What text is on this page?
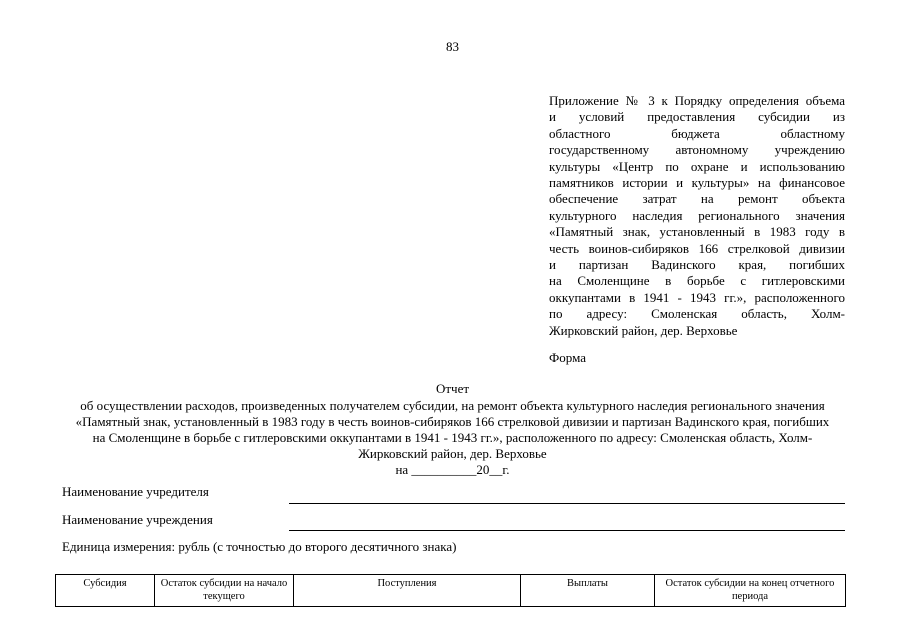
83
Приложение № 3 к Порядку определения объема
и условий предоставления субсидии из
областного бюджета областному
государственному автономному учреждению
культуры «Центр по охране и использованию
памятников истории и культуры» на финансовое
обеспечение затрат на ремонт объекта
культурного наследия регионального значения
«Памятный знак, установленный в 1983 году в
честь воинов-сибиряков 166 стрелковой дивизии
и партизан Вадинского края, погибших
на Смоленщине в борьбе с гитлеровскими
оккупантами в 1941 - 1943 гг.», расположенного
по адресу: Смоленская область, Холм-
Жирковский район, дер. Верховье
Форма
Отчет
об осуществлении расходов, произведенных получателем субсидии, на ремонт объекта культурного наследия регионального значения
«Памятный знак, установленный в 1983 году в честь воинов-сибиряков 166 стрелковой дивизии и партизан Вадинского края, погибших
на Смоленщине в борьбе с гитлеровскими оккупантами в 1941 - 1943 гг.», расположенного по адресу: Смоленская область, Холм-
Жирковский район, дер. Верховье
на __________20__г.
Наименование учредителя
Наименование учреждения
Единица измерения: рубль (с точностью до второго десятичного знака)
Субсидия	Остаток субсидии на начало текущего	Поступления	Выплаты	Остаток субсидии на конец отчетного периода
